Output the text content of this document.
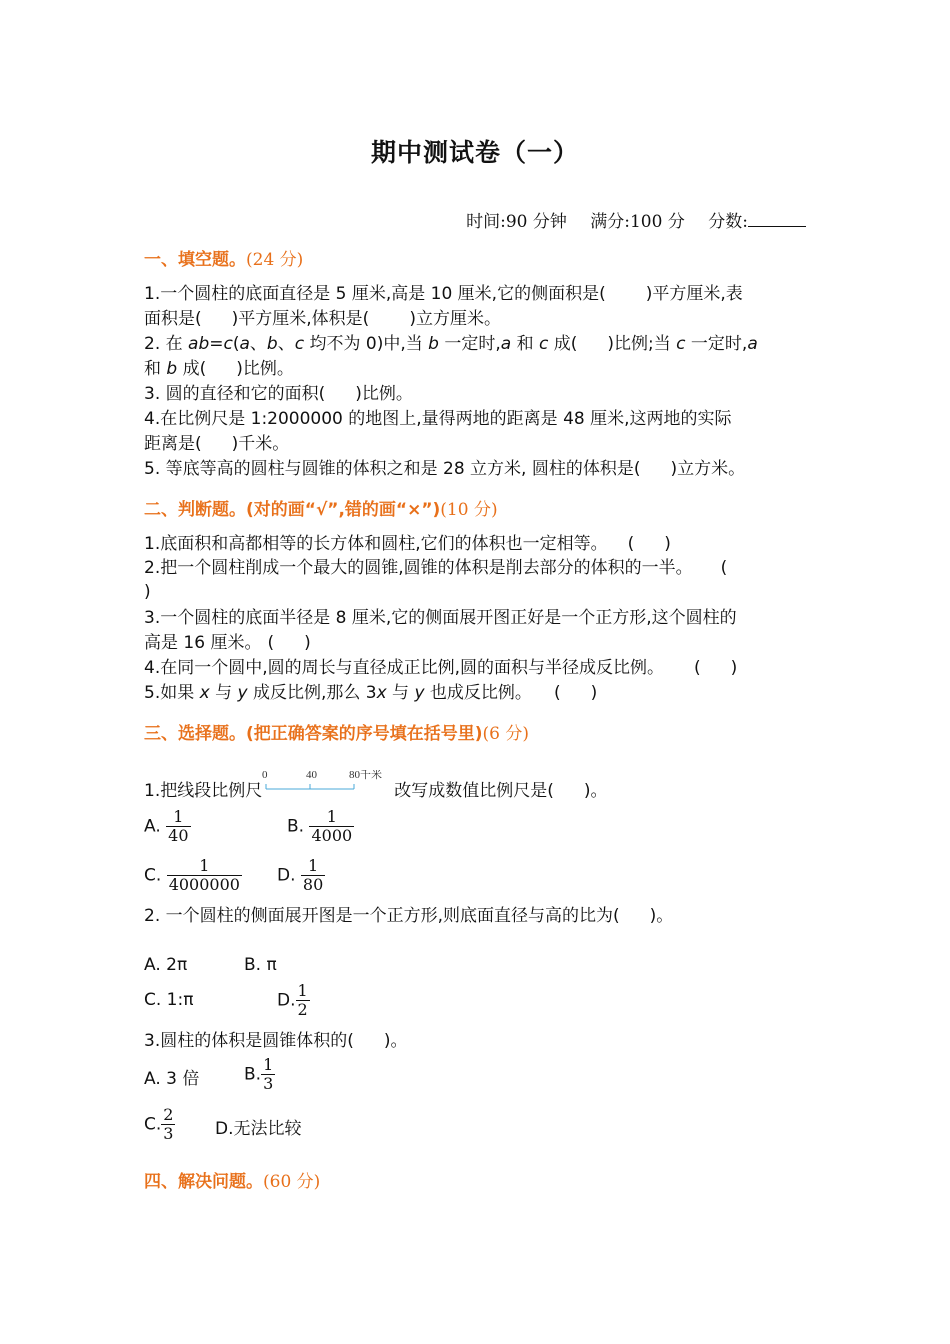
期中测试卷（一）
时间:90 分钟 满分:100 分 分数:
一、填空题。(24 分)
1.一个圆柱的底面直径是 5 厘米,高是 10 厘米,它的侧面积是( )平方厘米,表
面积是( )平方厘米,体积是( )立方厘米。
2. 在 ab=c(a、b、c 均不为 0)中,当 b 一定时,a 和 c 成( )比例;当 c 一定时,a
和 b 成( )比例。
3. 圆的直径和它的面积( )比例。
4.在比例尺是 1:2000000 的地图上,量得两地的距离是 48 厘米,这两地的实际
距离是( )千米。
5. 等底等高的圆柱与圆锥的体积之和是 28 立方米, 圆柱的体积是( )立方米。
二、判断题。(对的画“√”,错的画“×”)(10 分)
1.底面积和高都相等的长方体和圆柱,它们的体积也一定相等。 ( )
2.把一个圆柱削成一个最大的圆锥,圆锥的体积是削去部分的体积的一半。 (
)
3.一个圆柱的底面半径是 8 厘米,它的侧面展开图正好是一个正方形,这个圆柱的
高是 16 厘米。 ( )
4.在同一个圆中,圆的周长与直径成正比例,圆的面积与半径成反比例。 ( )
5.如果 x 与 y 成反比例,那么 3x 与 y 也成反比例。 ( )
三、选择题。(把正确答案的序号填在括号里)(6 分)
1.把线段比例尺
0	40	80千米
改写成数值比例尺是( )。
A. $\frac{1}{40}$	B. $\frac{1}{4000}$
C. $\frac{1}{4000000} D$. $\frac{1}{80}$
2. 一个圆柱的侧面展开图是一个正方形,则底面直径与高的比为( )。
A. 2π	B. π
C. 1:π	D. $\frac{1}{2}$
3.圆柱的体积是圆锥体积的( )。
A. 3 倍	B. $\frac{1}{3}$
C. $\frac{2}{3} D$.无法比较
四、解决问题。(60 分)
